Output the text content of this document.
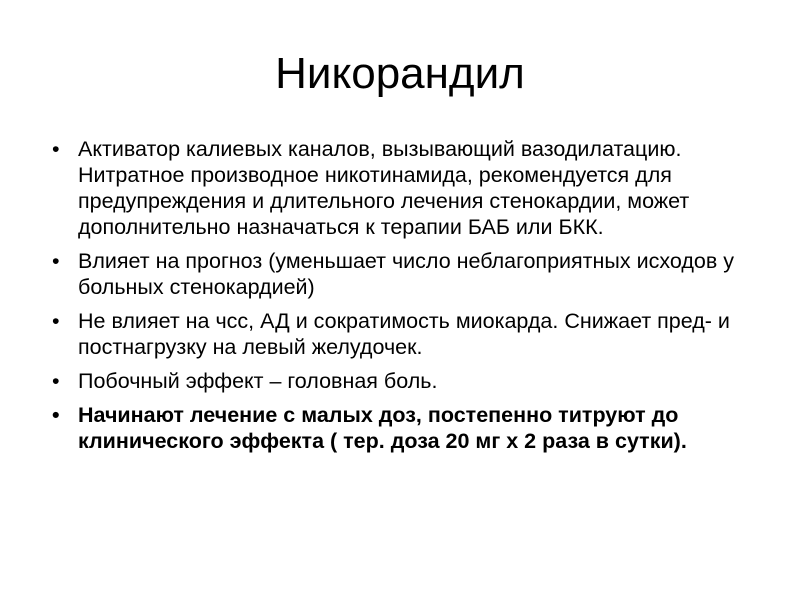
Никорандил
• Активатор калиевых каналов, вызывающий вазодилатацию. Нитратное производное никотинамида, рекомендуется для предупреждения и длительного лечения стенокардии, может дополнительно назначаться к терапии БАБ или БКК.
• Влияет на прогноз (уменьшает число неблагоприятных исходов у больных стенокардией)
• Не влияет на чсс, АД и сократимость миокарда. Снижает пред- и постнагрузку на левый желудочек.
• Побочный эффект – головная боль.
• Начинают лечение с малых доз, постепенно титруют до клинического эффекта ( тер. доза 20 мг х 2 раза в сутки).
